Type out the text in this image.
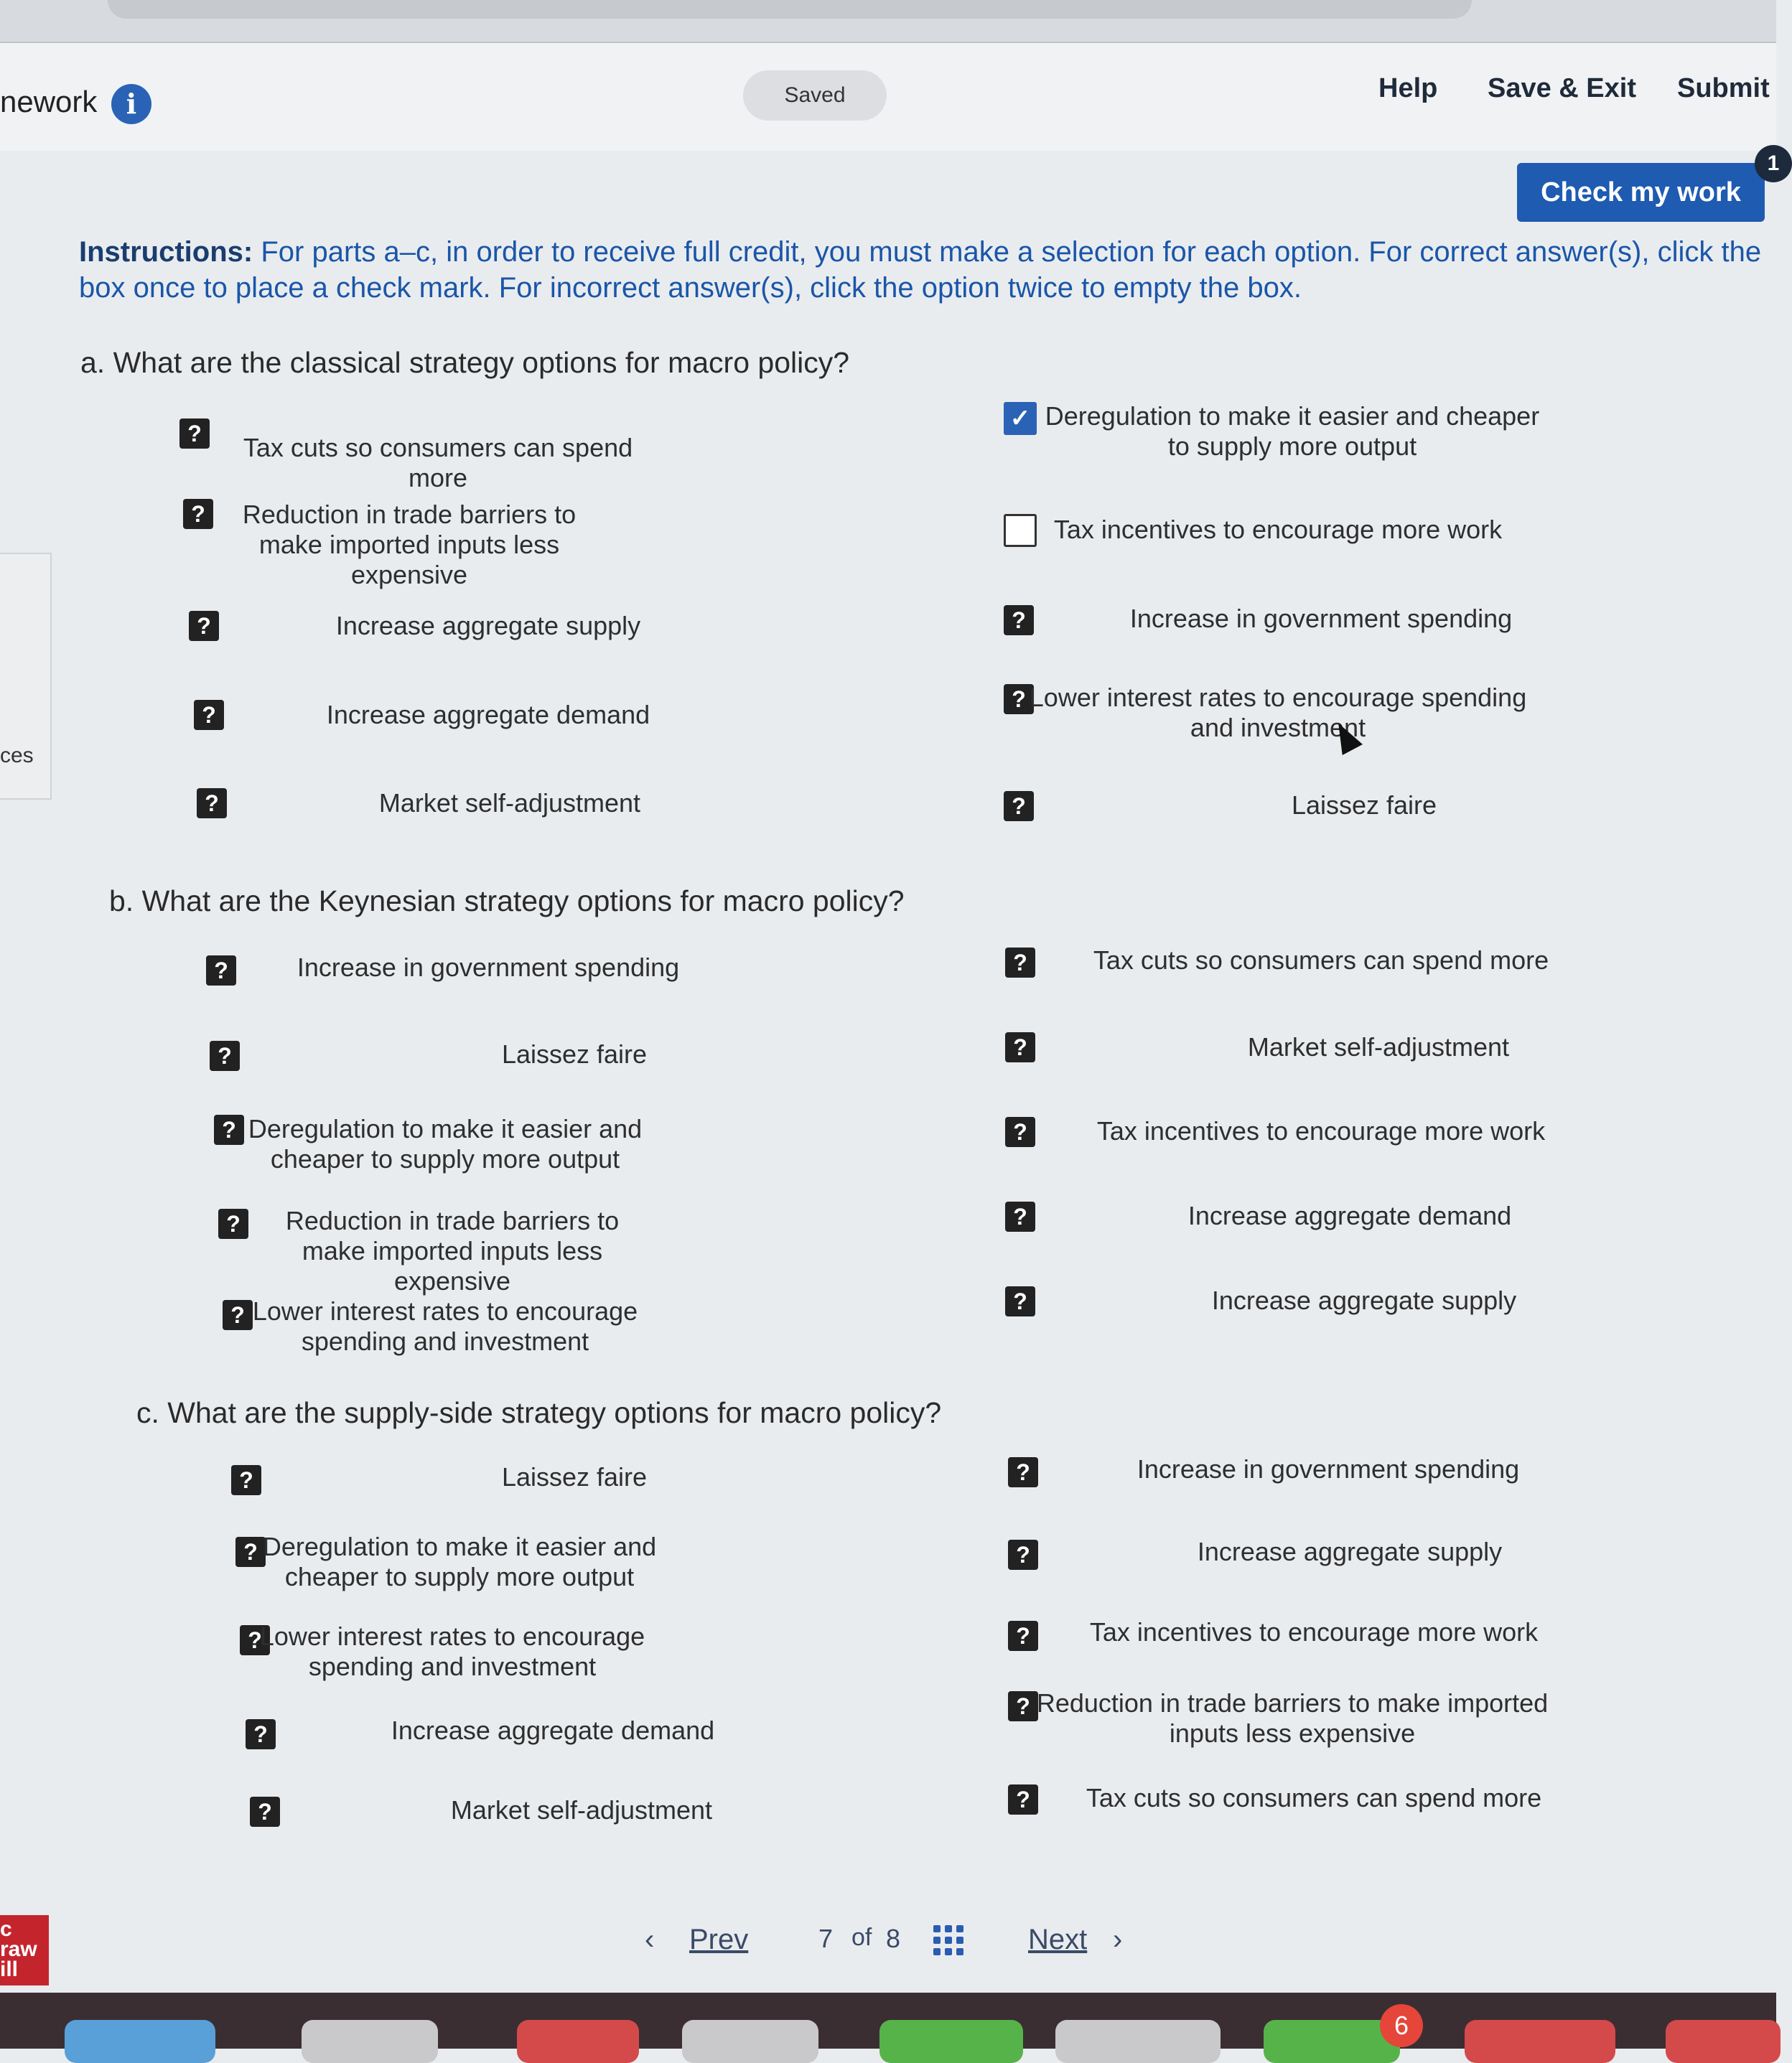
nework	i	Saved	Help Save & Exit Submit
Check my work
1
Instructions: For parts a–c, in order to receive full credit, you must make a selection for each option. For correct answer(s), click the box once to place a check mark. For incorrect answer(s), click the option twice to empty the box.
ces
a. What are the classical strategy options for macro policy?
?	Tax cuts so consumers can spend more
?	Reduction in trade barriers to make imported inputs less expensive
?	Increase aggregate supply
?	Increase aggregate demand
?	Market self-adjustment
✓ Deregulation to make it easier and cheaper to supply more output
Tax incentives to encourage more work
?	Increase in government spending
? Lower interest rates to encourage spending and investment
?	Laissez faire
b. What are the Keynesian strategy options for macro policy?
?	Increase in government spending
?	Laissez faire
? Deregulation to make it easier and cheaper to supply more output
?	Reduction in trade barriers to make imported inputs less expensive
? Lower interest rates to encourage spending and investment
?	Tax cuts so consumers can spend more
?	Market self-adjustment
?	Tax incentives to encourage more work
?	Increase aggregate demand
?	Increase aggregate supply
c. What are the supply-side strategy options for macro policy?
?	Laissez faire
? Deregulation to make it easier and cheaper to supply more output
?
Lower interest rates to encourage spending and investment
?	Increase aggregate demand
?	Market self-adjustment
?	Increase in government spending
?	Increase aggregate supply
?	Tax incentives to encourage more work
? Reduction in trade barriers to make imported inputs less expensive
?	Tax cuts so consumers can spend more
c raw ill
‹ Prev	7 of 8	Next ›
6
